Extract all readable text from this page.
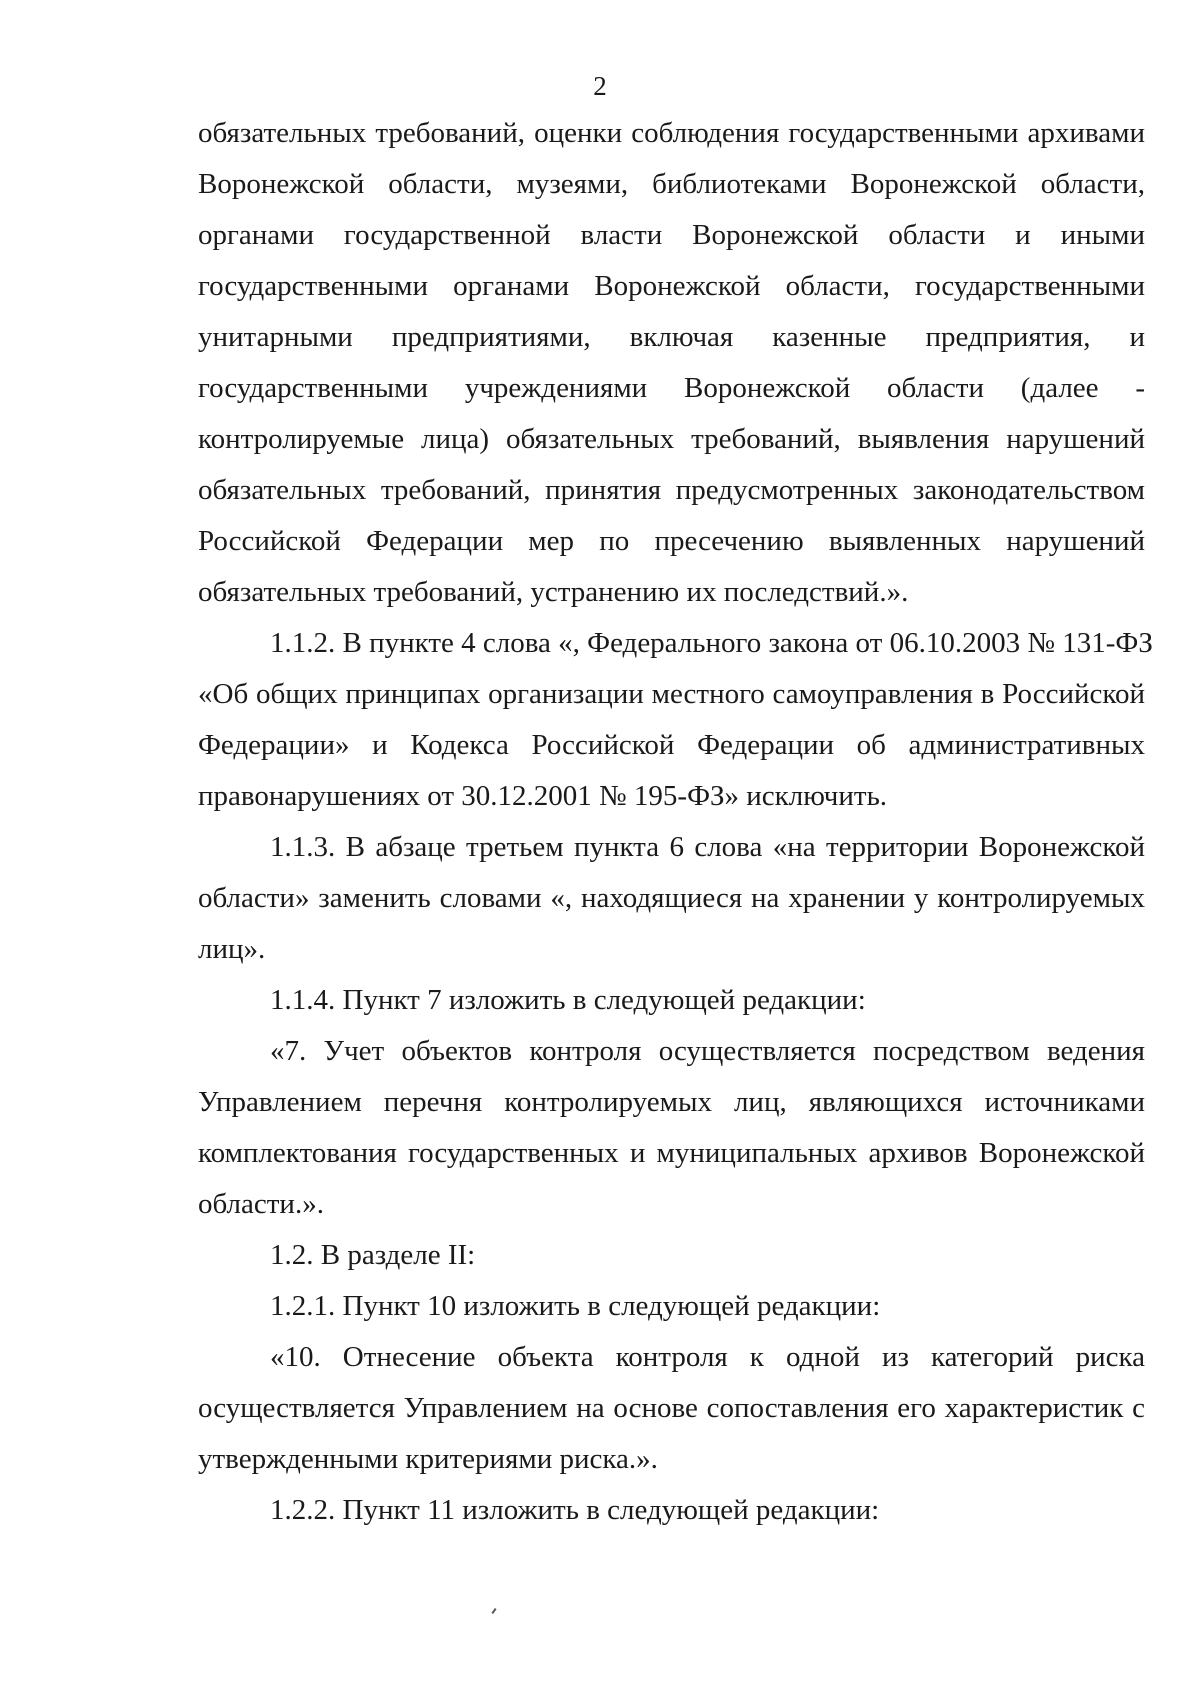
2

обязательных требований, оценки соблюдения государственными архивами
Воронежской области, музеями, библиотеками Воронежской области,
органами государственной власти Воронежской области и иными
государственными органами Воронежской области, государственными
унитарными предприятиями, включая казенные предприятия, и
государственными учреждениями Воронежской области (далее -
контролируемые лица) обязательных требований, выявления нарушений
обязательных требований, принятия предусмотренных законодательством
Российской Федерации мер по пресечению выявленных нарушений
обязательных требований, устранению их последствий.».

1.1.2. В пункте 4 слова «, Федерального закона от 06.10.2003 № 131-ФЗ
«Об общих принципах организации местного самоуправления в Российской
Федерации» и Кодекса Российской Федерации об административных
правонарушениях от 30.12.2001 № 195-ФЗ» исключить.

1.1.3. В абзаце третьем пункта 6 слова «на территории Воронежской
области» заменить словами «, находящиеся на хранении у контролируемых
лиц».

1.1.4. Пункт 7 изложить в следующей редакции:

«7. Учет объектов контроля осуществляется посредством ведения
Управлением перечня контролируемых лиц, являющихся источниками
комплектования государственных и муниципальных архивов Воронежской
области.».

1.2. В разделе II:

1.2.1. Пункт 10 изложить в следующей редакции:

«10. Отнесение объекта контроля к одной из категорий риска
осуществляется Управлением на основе сопоставления его характеристик с
утвержденными критериями риска.».

1.2.2. Пункт 11 изложить в следующей редакции:
